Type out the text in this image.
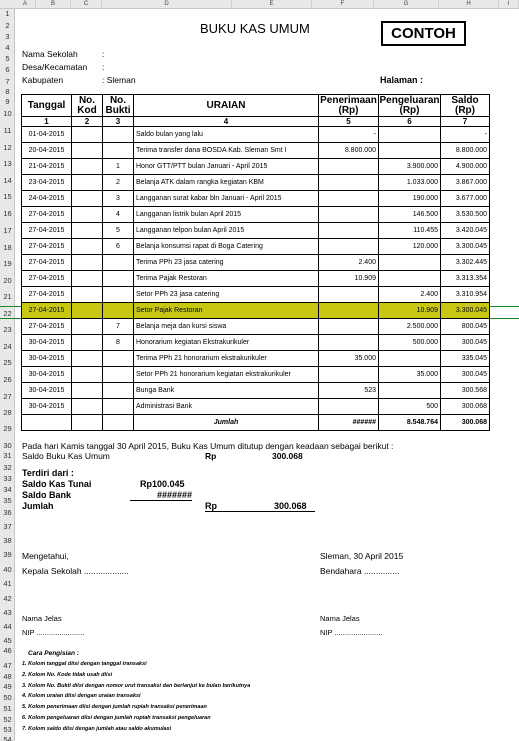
A	B	C	D	E	F	G	H	I
1
2
3
4
5
6
7
8
9
10
11
12
13
14
15
16
17
18
19
20
21
22
23
24
25
26
27
28
29
30
31
32
33
34
35
36
37
38
39
40
41
42
43
44
45
46
47
48
49
50
51
52
53
54
BUKU KAS UMUM	CONTOH
Nama Sekolah	:
Desa/Kecamatan :
Kabupaten	: Sleman	Halaman :
Tanggal	No. Kod	No. Bukti	URAIAN	Penerimaan (Rp)	Pengeluaran (Rp)	Saldo (Rp)
1	2	3	4	5	6	7
01-04-2015			Saldo bulan yang lalu	-		-
20-04-2015			Terima transfer dana BOSDA Kab. Sleman Smt I	8.800.000		8.800.000
21-04-2015		1	Honor GTT/PTT bulan Januari - April 2015		3.900.000	4.900.000
23-04-2015		2	Belanja ATK dalam rangka kegiatan KBM		1.033.000	3.867.000
24-04-2015		3	Langganan surat kabar bln Januari - April 2015		190.000	3.677.000
27-04-2015		4	Langganan listrik bulan April 2015		146.500	3.530.500
27-04-2015		5	Langganan telpon bulan April 2015		110.455	3.420.045
27-04-2015		6	Belanja konsumsi rapat di Boga Catering		120.000	3.300.045
27-04-2015			Terima PPh 23 jasa catering	2.400		3.302.445
27-04-2015			Terima Pajak Restoran	10.909		3.313.354
27-04-2015			Setor PPh 23 jasa catering		2.400	3.310.954
27-04-2015			Setor Pajak Restoran		10.909	3.300.045
27-04-2015		7	Belanja meja dan kursi siswa		2.500.000	800.045
30-04-2015		8	Honorarium kegiatan Ekstrakurikuler		500.000	300.045
30-04-2015			Terima PPh 21 honorarium ekstrakurikuler	35.000		335.045
30-04-2015			Setor PPh 21 honorarium kegiatan ekstrakurikuler		35.000	300.045
30-04-2015			Bunga Bank	523		300.568
30-04-2015			Administrasi Bank		500	300.068
			Jumlah	######	8.548.764	300.068
Pada hari Kamis tanggal 30 April 2015, Buku Kas Umum ditutup dengan keadaan sebagai berikut :
Saldo Buku Kas Umum	Rp	300.068
Terdiri dari :
Saldo Kas Tunai	Rp100.045
Saldo Bank	#######
Jumlah	Rp	300.068
Mengetahui,
Kepala Sekolah ...................
Sleman, 30 April 2015
Bendahara ...............
Nama Jelas
NIP .......................
Nama Jelas
NIP .......................
Cara Pengisian :
1. Kolom tanggal diisi dengan tanggal transaksi
2. Kolom No. Kode tidak usah diisi
3. Kolom No. Bukti diisi dengan nomor urut transaksi dan berlanjut ke bulan berikutnya
4. Kolom uraian diisi dengan uraian transaksi
5. Kolom penerimaan diisi dengan jumlah rupiah transaksi penerimaan
6. Kolom pengeluaran diisi dengan jumlah rupiah transaksi pengeluaran
7. Kolom saldo diisi dengan jumlah atau saldo akumulasi
